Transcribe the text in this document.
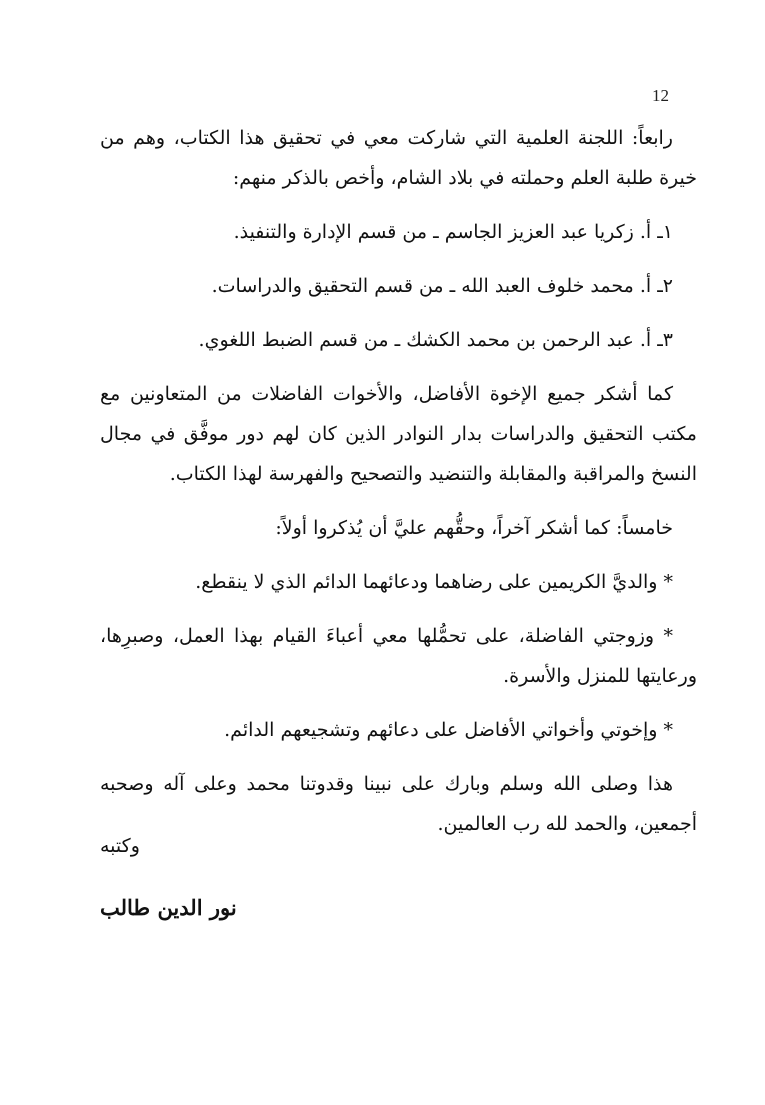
12

رابعاً: اللجنة العلمية التي شاركت معي في تحقيق هذا الكتاب، وهم من خيرة طلبة العلم وحملته في بلاد الشام، وأخص بالذكر منهم:

١ـ أ. زكريا عبد العزيز الجاسم ـ من قسم الإدارة والتنفيذ.

٢ـ أ. محمد خلوف العبد الله ـ من قسم التحقيق والدراسات.

٣ـ أ. عبد الرحمن بن محمد الكشك ـ من قسم الضبط اللغوي.

كما أشكر جميع الإخوة الأفاضل، والأخوات الفاضلات من المتعاونين مع مكتب التحقيق والدراسات بدار النوادر الذين كان لهم دور موفَّق في مجال النسخ والمراقبة والمقابلة والتنضيد والتصحيح والفهرسة لهذا الكتاب.

خامساً: كما أشكر آخراً، وحقُّهم عليَّ أن يُذكروا أولاً:

* والديَّ الكريمين على رضاهما ودعائهما الدائم الذي لا ينقطع.

* وزوجتي الفاضلة، على تحمُّلها معي أعباءَ القيام بهذا العمل، وصبرِها، ورعايتها للمنزل والأسرة.

* وإخوتي وأخواتي الأفاضل على دعائهم وتشجيعهم الدائم.

هذا وصلى الله وسلم وبارك على نبينا وقدوتنا محمد وعلى آله وصحبه أجمعين، والحمد لله رب العالمين.

وكتبه
نور الدين طالب
